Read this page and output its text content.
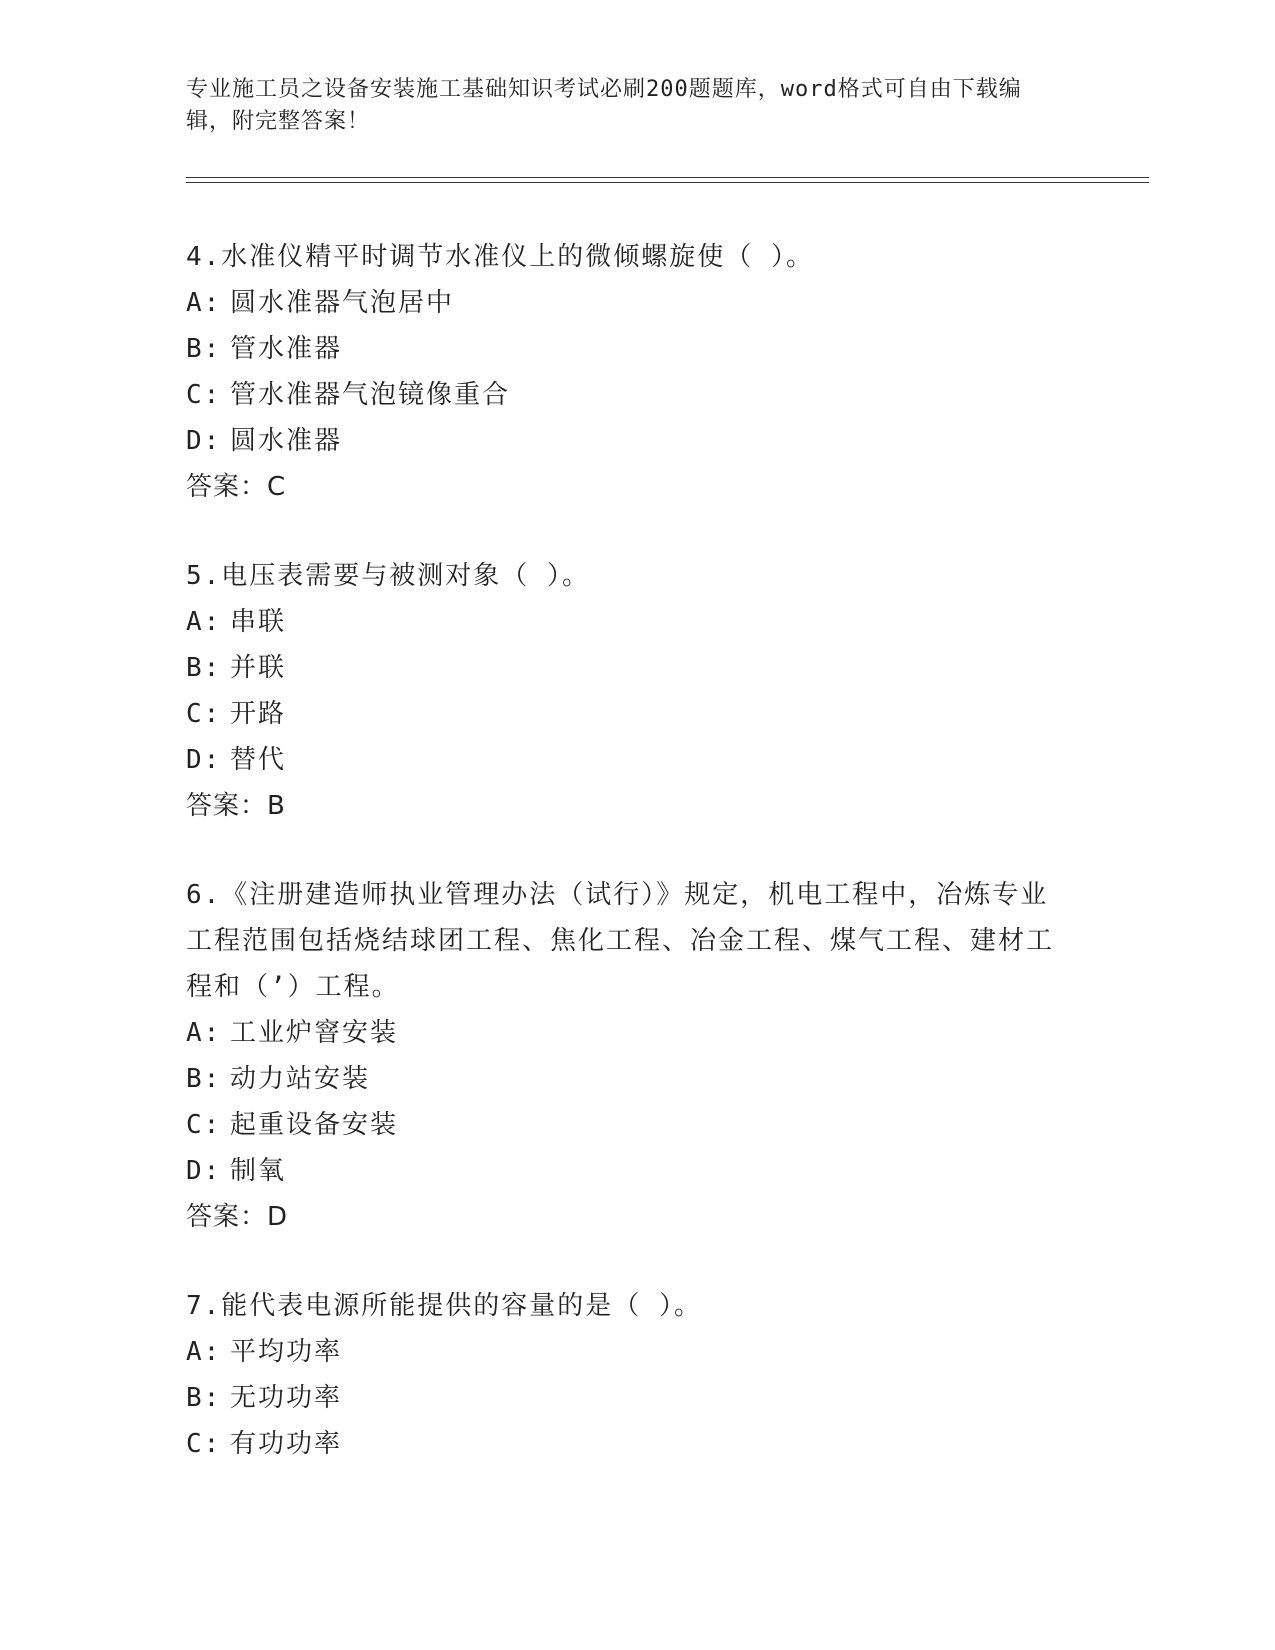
专业施工员之设备安装施工基础知识考试必刷200题题库，word格式可自由下载编辑，附完整答案！

4.水准仪精平时调节水准仪上的微倾螺旋使（ ）。

A: 圆水准器气泡居中

B: 管水准器

C: 管水准器气泡镜像重合

D: 圆水准器

答案：C

5.电压表需要与被测对象（ ）。

A: 串联

B: 并联

C: 开路

D: 替代

答案：B

6.《注册建造师执业管理办法（试行）》规定，机电工程中，冶炼专业工程范围包括烧结球团工程、焦化工程、冶金工程、煤气工程、建材工程和（’）工程。

A: 工业炉窨安装

B: 动力站安装

C: 起重设备安装

D: 制氧

答案：D

7.能代表电源所能提供的容量的是（ ）。

A: 平均功率

B: 无功功率

C: 有功功率
